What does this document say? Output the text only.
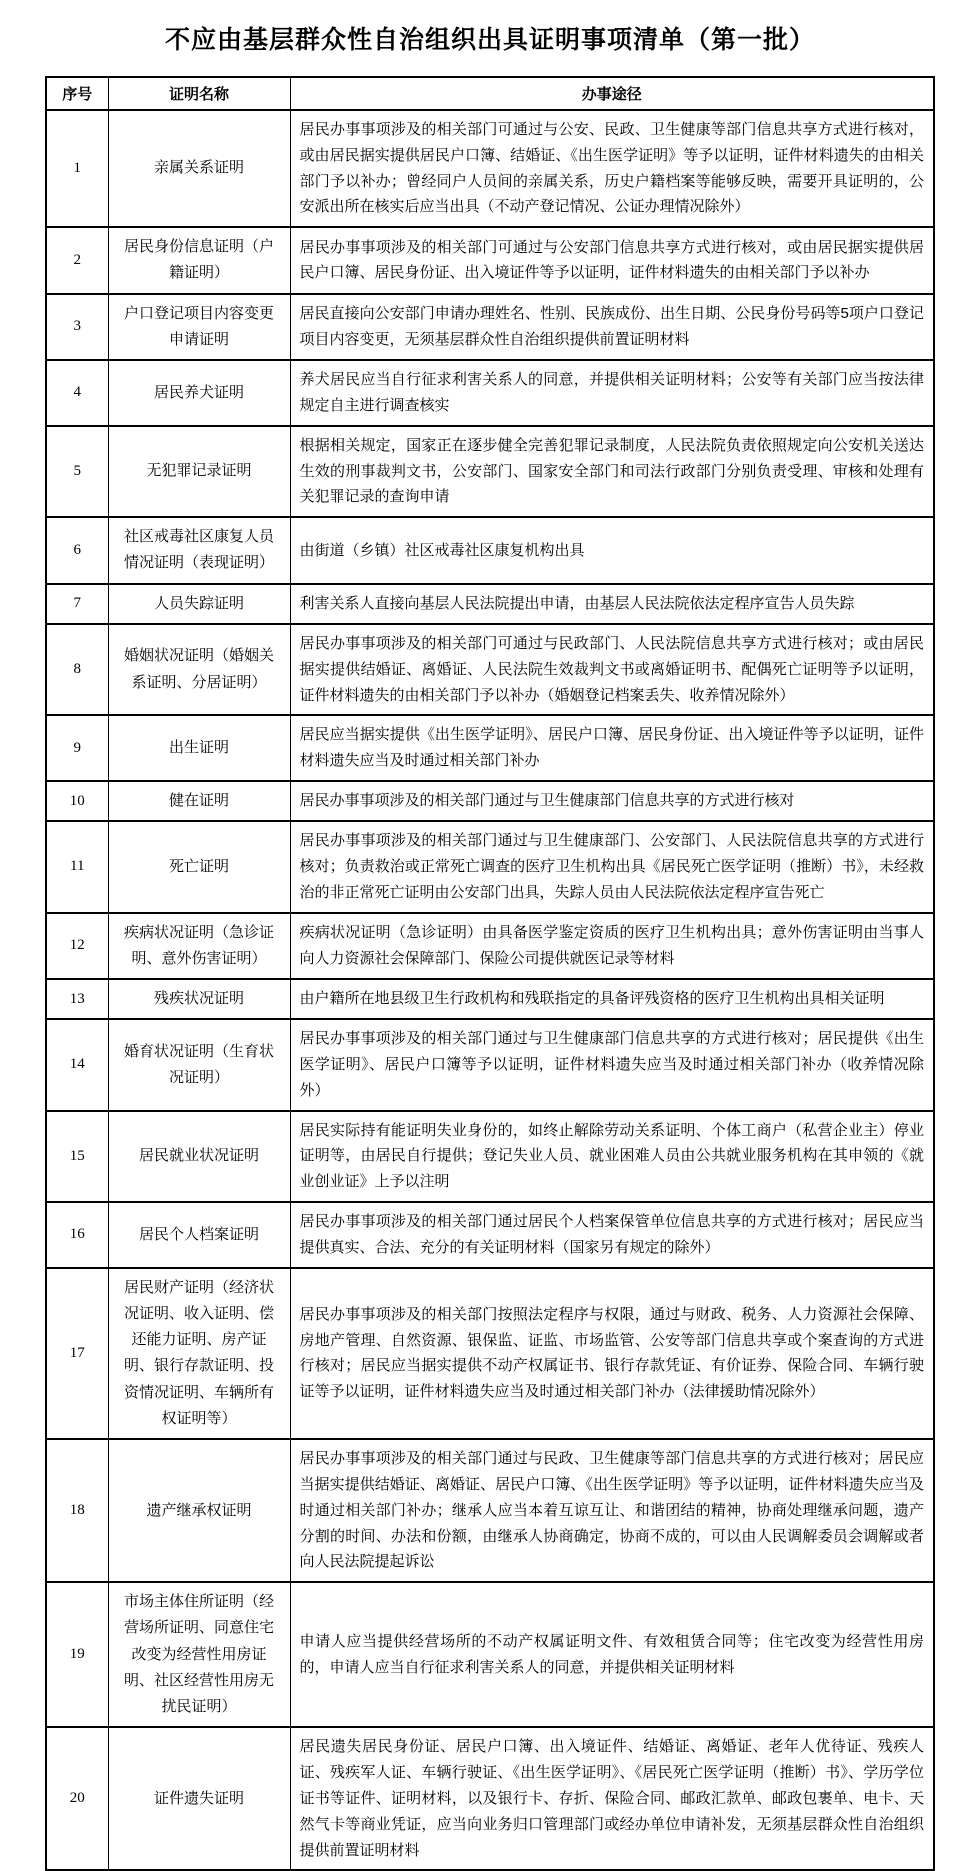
不应由基层群众性自治组织出具证明事项清单（第一批）
序号	证明名称	办事途径
1	亲属关系证明	居民办事事项涉及的相关部门可通过与公安、民政、卫生健康等部门信息共享方式进行核对，或由居民据实提供居民户口簿、结婚证、《出生医学证明》等予以证明，证件材料遗失的由相关部门予以补办；曾经同户人员间的亲属关系，历史户籍档案等能够反映，需要开具证明的，公安派出所在核实后应当出具（不动产登记情况、公证办理情况除外）
2	居民身份信息证明（户籍证明）	居民办事事项涉及的相关部门可通过与公安部门信息共享方式进行核对，或由居民据实提供居民户口簿、居民身份证、出入境证件等予以证明，证件材料遗失的由相关部门予以补办
3	户口登记项目内容变更申请证明	居民直接向公安部门申请办理姓名、性别、民族成份、出生日期、公民身份号码等5项户口登记项目内容变更，无须基层群众性自治组织提供前置证明材料
4	居民养犬证明	养犬居民应当自行征求利害关系人的同意，并提供相关证明材料；公安等有关部门应当按法律规定自主进行调查核实
5	无犯罪记录证明	根据相关规定，国家正在逐步健全完善犯罪记录制度，人民法院负责依照规定向公安机关送达生效的刑事裁判文书，公安部门、国家安全部门和司法行政部门分别负责受理、审核和处理有关犯罪记录的查询申请
6	社区戒毒社区康复人员情况证明（表现证明）	由街道（乡镇）社区戒毒社区康复机构出具
7	人员失踪证明	利害关系人直接向基层人民法院提出申请，由基层人民法院依法定程序宣告人员失踪
8	婚姻状况证明（婚姻关系证明、分居证明）	居民办事事项涉及的相关部门可通过与民政部门、人民法院信息共享方式进行核对；或由居民据实提供结婚证、离婚证、人民法院生效裁判文书或离婚证明书、配偶死亡证明等予以证明，证件材料遗失的由相关部门予以补办（婚姻登记档案丢失、收养情况除外）
9	出生证明	居民应当据实提供《出生医学证明》、居民户口簿、居民身份证、出入境证件等予以证明，证件材料遗失应当及时通过相关部门补办
10	健在证明	居民办事事项涉及的相关部门通过与卫生健康部门信息共享的方式进行核对
11	死亡证明	居民办事事项涉及的相关部门通过与卫生健康部门、公安部门、人民法院信息共享的方式进行核对；负责救治或正常死亡调查的医疗卫生机构出具《居民死亡医学证明（推断）书》，未经救治的非正常死亡证明由公安部门出具，失踪人员由人民法院依法定程序宣告死亡
12	疾病状况证明（急诊证明、意外伤害证明）	疾病状况证明（急诊证明）由具备医学鉴定资质的医疗卫生机构出具；意外伤害证明由当事人向人力资源社会保障部门、保险公司提供就医记录等材料
13	残疾状况证明	由户籍所在地县级卫生行政机构和残联指定的具备评残资格的医疗卫生机构出具相关证明
14	婚育状况证明（生育状况证明）	居民办事事项涉及的相关部门通过与卫生健康部门信息共享的方式进行核对；居民提供《出生医学证明》、居民户口簿等予以证明，证件材料遗失应当及时通过相关部门补办（收养情况除外）
15	居民就业状况证明	居民实际持有能证明失业身份的，如终止解除劳动关系证明、个体工商户（私营企业主）停业证明等，由居民自行提供；登记失业人员、就业困难人员由公共就业服务机构在其申领的《就业创业证》上予以注明
16	居民个人档案证明	居民办事事项涉及的相关部门通过居民个人档案保管单位信息共享的方式进行核对；居民应当提供真实、合法、充分的有关证明材料（国家另有规定的除外）
17	居民财产证明（经济状况证明、收入证明、偿还能力证明、房产证明、银行存款证明、投资情况证明、车辆所有权证明等）	居民办事事项涉及的相关部门按照法定程序与权限，通过与财政、税务、人力资源社会保障、房地产管理、自然资源、银保监、证监、市场监管、公安等部门信息共享或个案查询的方式进行核对；居民应当据实提供不动产权属证书、银行存款凭证、有价证券、保险合同、车辆行驶证等予以证明，证件材料遗失应当及时通过相关部门补办（法律援助情况除外）
18	遗产继承权证明	居民办事事项涉及的相关部门通过与民政、卫生健康等部门信息共享的方式进行核对；居民应当据实提供结婚证、离婚证、居民户口簿、《出生医学证明》等予以证明，证件材料遗失应当及时通过相关部门补办；继承人应当本着互谅互让、和谐团结的精神，协商处理继承问题，遗产分割的时间、办法和份额，由继承人协商确定，协商不成的，可以由人民调解委员会调解或者向人民法院提起诉讼
19	市场主体住所证明（经营场所证明、同意住宅改变为经营性用房证明、社区经营性用房无扰民证明）	申请人应当提供经营场所的不动产权属证明文件、有效租赁合同等；住宅改变为经营性用房的，申请人应当自行征求利害关系人的同意，并提供相关证明材料
20	证件遗失证明	居民遗失居民身份证、居民户口簿、出入境证件、结婚证、离婚证、老年人优待证、残疾人证、残疾军人证、车辆行驶证、《出生医学证明》、《居民死亡医学证明（推断）书》、学历学位证书等证件、证明材料，以及银行卡、存折、保险合同、邮政汇款单、邮政包裹单、电卡、天然气卡等商业凭证，应当向业务归口管理部门或经办单位申请补发，无须基层群众性自治组织提供前置证明材料
